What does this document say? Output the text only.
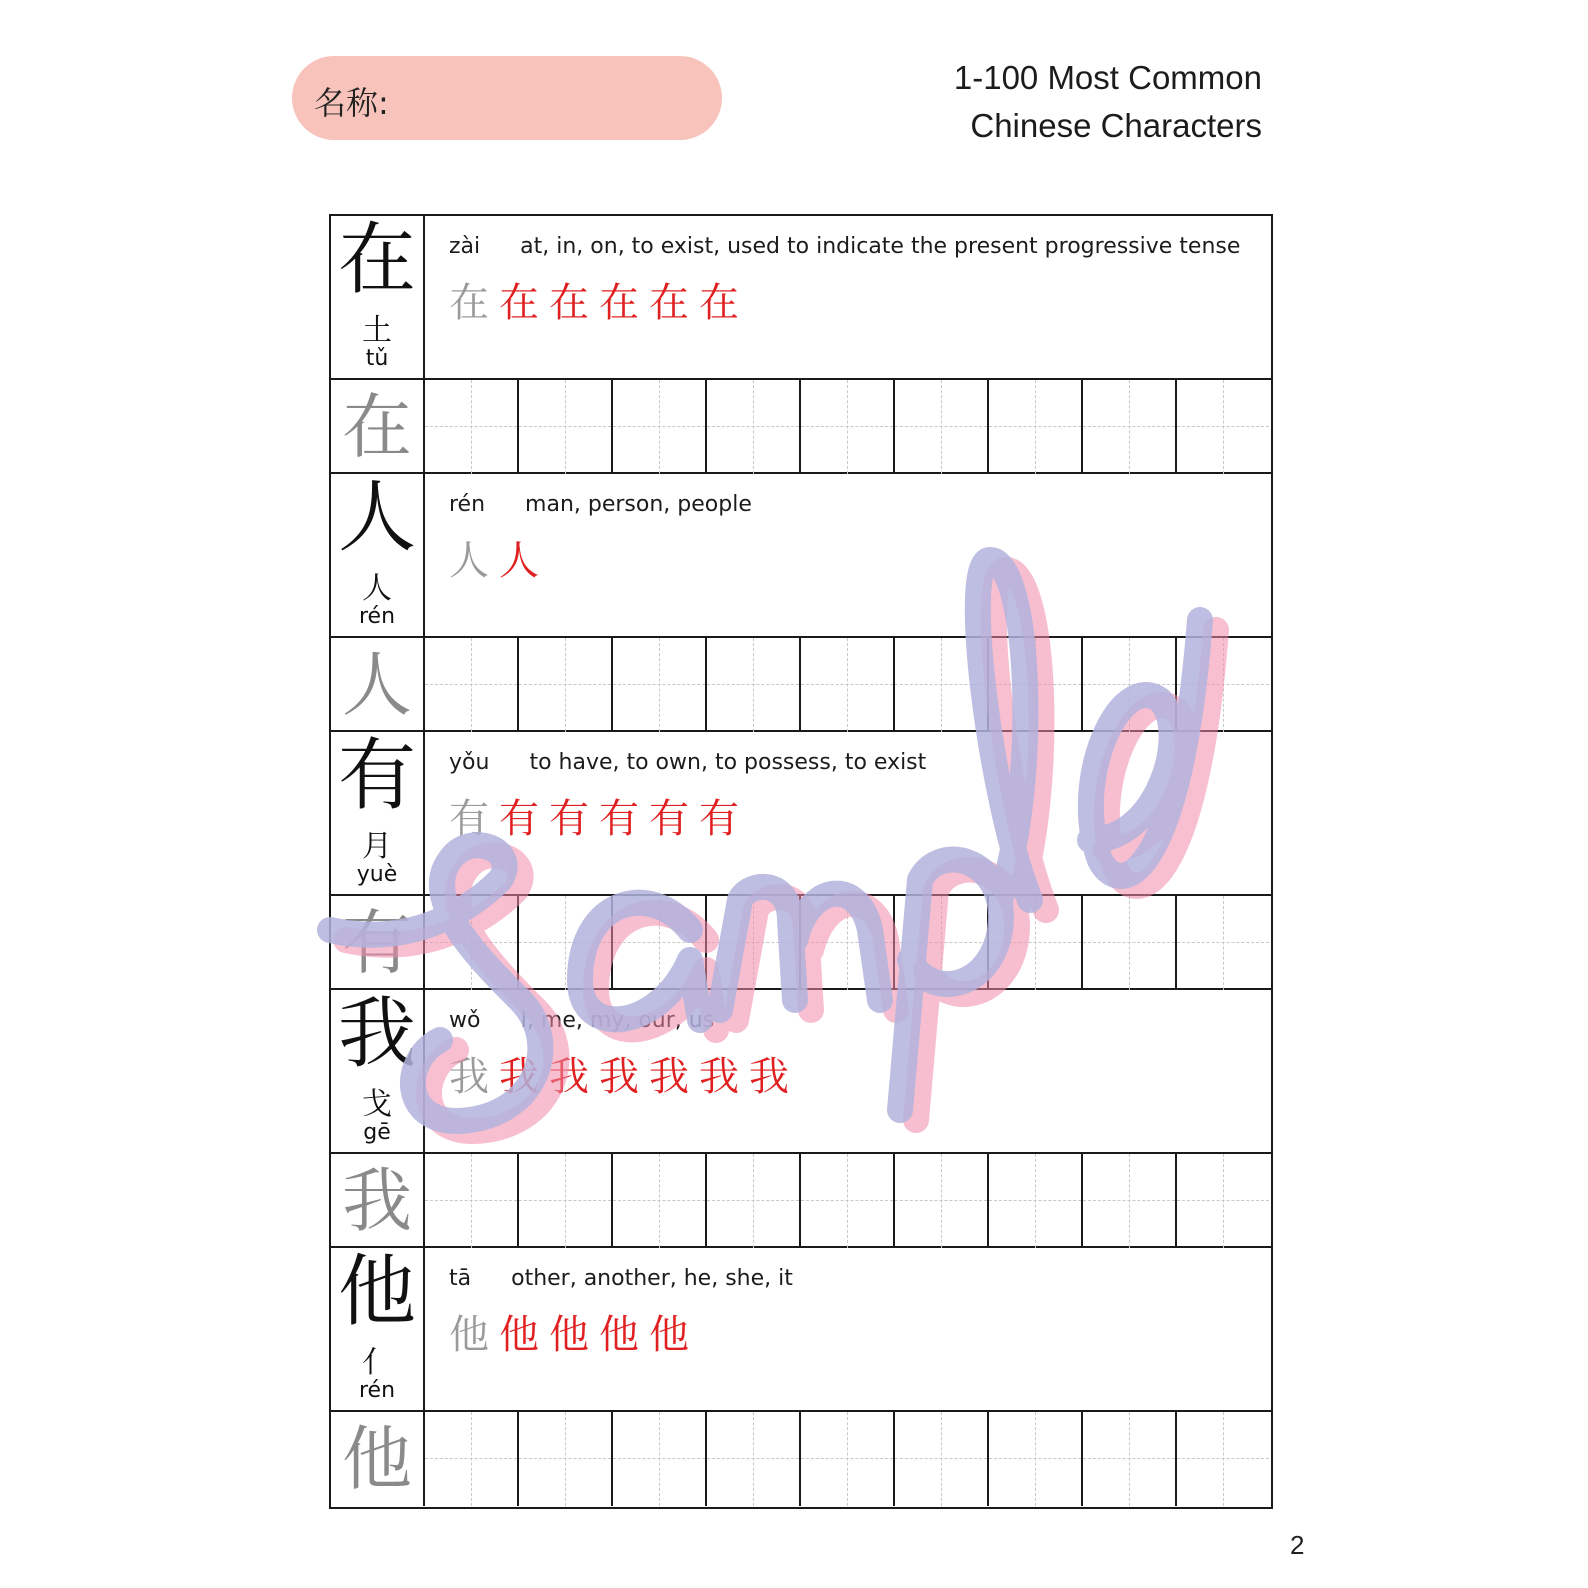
名称:
1-100 Most Common
Chinese Characters
在
土
tǔ
zài at, in, on, to exist, used to indicate the present progressive tense
在 在 在 在 在 在
在
人
人
rén
rén man, person, people
人 人
人
有
月
yuè
yǒu to have, to own, to possess, to exist
有 有 有 有 有 有
有
我
戈
gē
wǒ I, me, my, our, us
我 我 我 我 我 我 我
我
他
亻
rén
tā other, another, he, she, it
他 他 他 他 他
他
2
